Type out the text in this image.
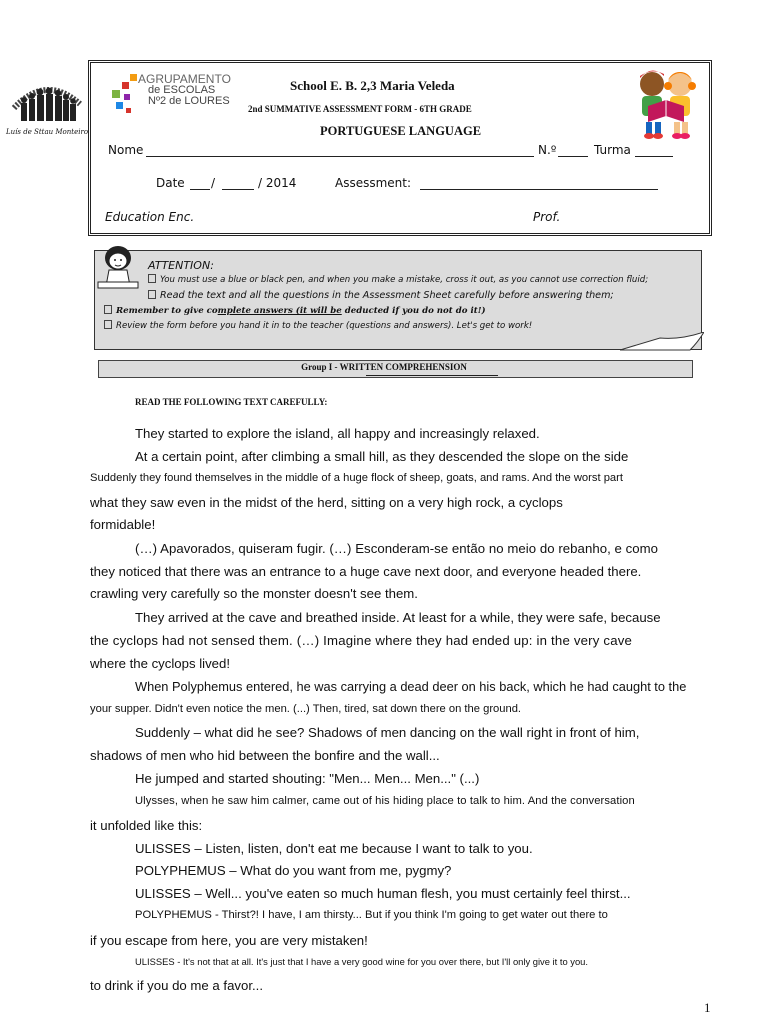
Luís de Sttau Monteiro
AGRUPAMENTO
de ESCOLAS
Nº2 de LOURES
School E. B. 2,3 Maria Veleda
2nd SUMMATIVE ASSESSMENT FORM - 6TH GRADE
PORTUGUESE LANGUAGE
Nome	N.º	Turma
Date /	/ 2014	Assessment:
Education Enc.	Prof.
ATTENTION:
You must use a blue or black pen, and when you make a mistake, cross it out, as you cannot use correction fluid;
Read the text and all the questions in the Assessment Sheet carefully before answering them;
Remember to give complete answers (it will be deducted if you do not do it!)
Review the form before you hand it in to the teacher (questions and answers). Let's get to work!
Group I - WRITTEN COMPREHENSION
READ THE FOLLOWING TEXT CAREFULLY:
They started to explore the island, all happy and increasingly relaxed.
At a certain point, after climbing a small hill, as they descended the slope on the side
Suddenly they found themselves in the middle of a huge flock of sheep, goats, and rams. And the worst part
what they saw even in the midst of the herd, sitting on a very high rock, a cyclops
formidable!
(…) Apavorados, quiseram fugir. (…) Esconderam-se então no meio do rebanho, e como
they noticed that there was an entrance to a huge cave next door, and everyone headed there.
crawling very carefully so the monster doesn't see them.
They arrived at the cave and breathed inside. At least for a while, they were safe, because
the cyclops had not sensed them. (…) Imagine where they had ended up: in the very cave
where the cyclops lived!
When Polyphemus entered, he was carrying a dead deer on his back, which he had caught to the
your supper. Didn't even notice the men. (...) Then, tired, sat down there on the ground.
Suddenly – what did he see? Shadows of men dancing on the wall right in front of him,
shadows of men who hid between the bonfire and the wall...
He jumped and started shouting: "Men... Men... Men..." (...)
Ulysses, when he saw him calmer, came out of his hiding place to talk to him. And the conversation
it unfolded like this:
ULISSES – Listen, listen, don't eat me because I want to talk to you.
POLYPHEMUS – What do you want from me, pygmy?
ULISSES – Well... you've eaten so much human flesh, you must certainly feel thirst...
POLYPHEMUS - Thirst?! I have, I am thirsty... But if you think I'm going to get water out there to
if you escape from here, you are very mistaken!
ULISSES - It's not that at all. It's just that I have a very good wine for you over there, but I'll only give it to you.
to drink if you do me a favor...
1
